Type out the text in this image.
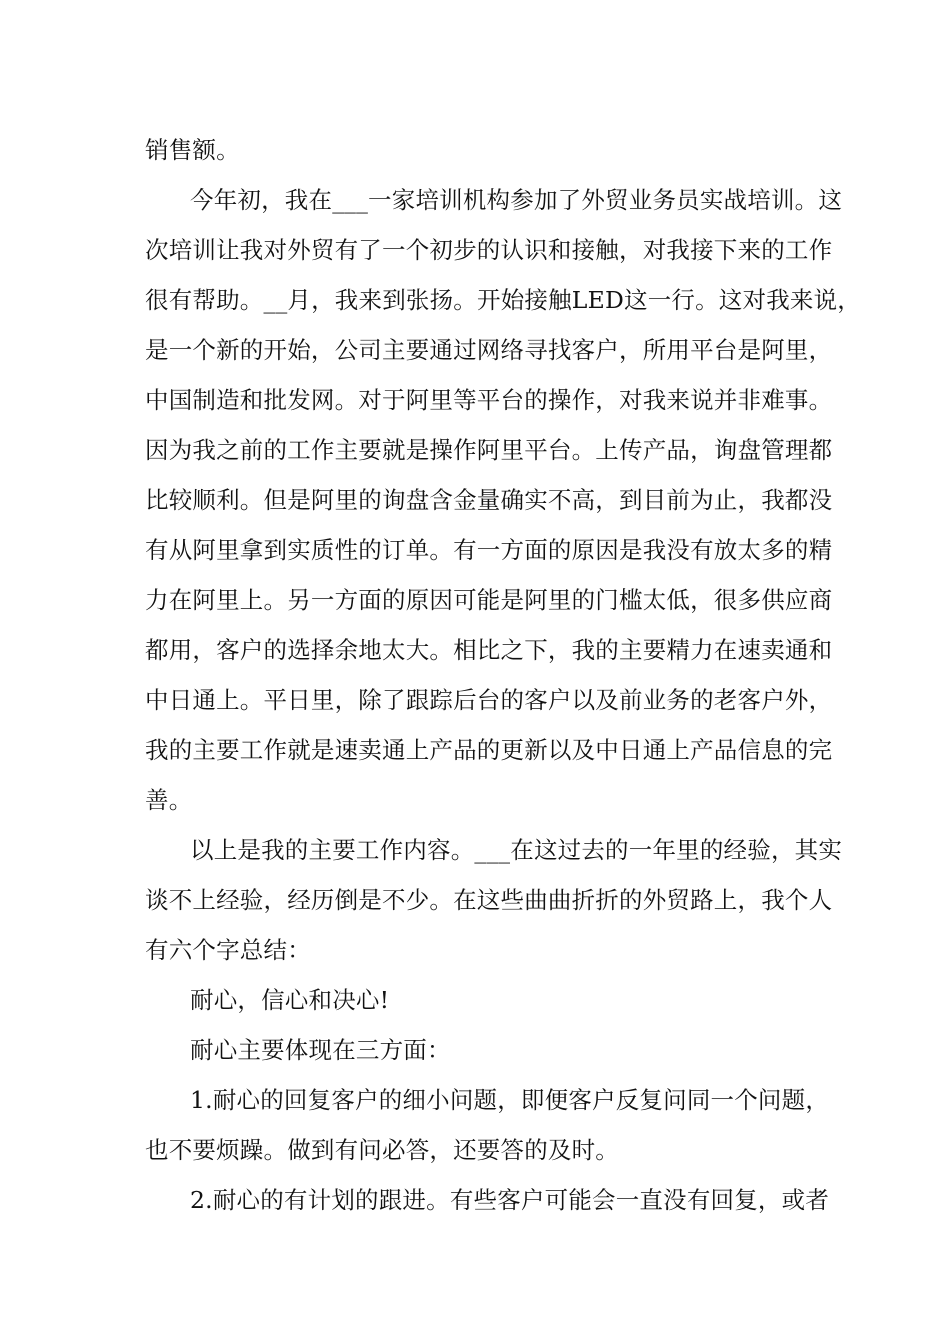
销售额。
今年初，我在___一家培训机构参加了外贸业务员实战培训。这
次培训让我对外贸有了一个初步的认识和接触，对我接下来的工作
很有帮助。__月，我来到张扬。开始接触LED这一行。这对我来说，
是一个新的开始，公司主要通过网络寻找客户，所用平台是阿里，
中国制造和批发网。对于阿里等平台的操作，对我来说并非难事。
因为我之前的工作主要就是操作阿里平台。上传产品，询盘管理都
比较顺利。但是阿里的询盘含金量确实不高，到目前为止，我都没
有从阿里拿到实质性的订单。有一方面的原因是我没有放太多的精
力在阿里上。另一方面的原因可能是阿里的门槛太低，很多供应商
都用，客户的选择余地太大。相比之下，我的主要精力在速卖通和
中日通上。平日里，除了跟踪后台的客户以及前业务的老客户外，
我的主要工作就是速卖通上产品的更新以及中日通上产品信息的完
善。
以上是我的主要工作内容。___在这过去的一年里的经验，其实
谈不上经验，经历倒是不少。在这些曲曲折折的外贸路上，我个人
有六个字总结：
耐心，信心和决心!
耐心主要体现在三方面：
1.耐心的回复客户的细小问题，即便客户反复问同一个问题，
也不要烦躁。做到有问必答，还要答的及时。
2.耐心的有计划的跟进。有些客户可能会一直没有回复，或者
